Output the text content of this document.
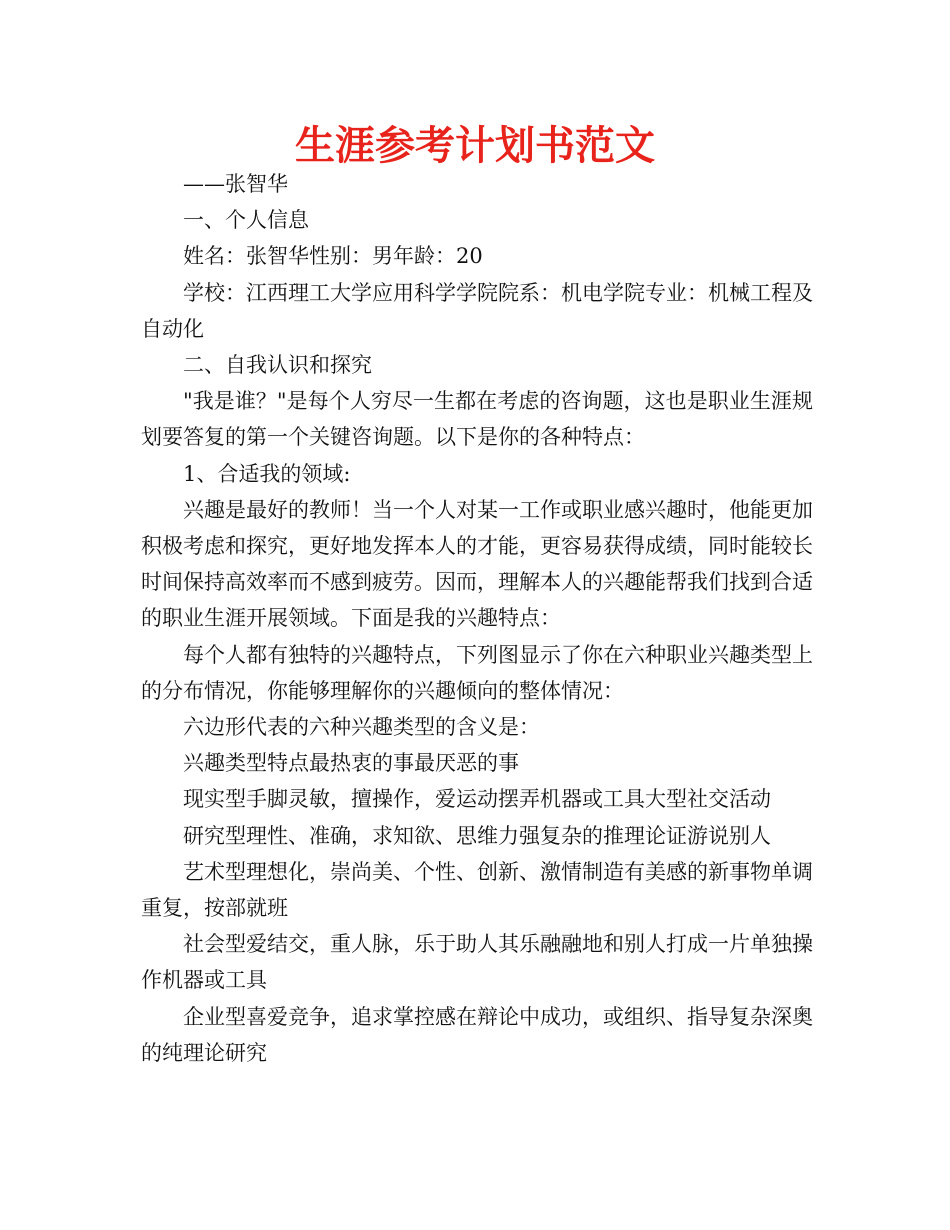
生涯参考计划书范文

——张智华

一、个人信息

姓名：张智华性别：男年龄：20

学校：江西理工大学应用科学学院院系：机电学院专业：机械工程及自动化

二、自我认识和探究

"我是谁？"是每个人穷尽一生都在考虑的咨询题，这也是职业生涯规划要答复的第一个关键咨询题。以下是你的各种特点：

1、合适我的领域:

兴趣是最好的教师！当一个人对某一工作或职业感兴趣时，他能更加积极考虑和探究，更好地发挥本人的才能，更容易获得成绩，同时能较长时间保持高效率而不感到疲劳。因而，理解本人的兴趣能帮我们找到合适的职业生涯开展领域。下面是我的兴趣特点：

每个人都有独特的兴趣特点，下列图显示了你在六种职业兴趣类型上的分布情况，你能够理解你的兴趣倾向的整体情况：

六边形代表的六种兴趣类型的含义是：

兴趣类型特点最热衷的事最厌恶的事

现实型手脚灵敏，擅操作，爱运动摆弄机器或工具大型社交活动

研究型理性、准确，求知欲、思维力强复杂的推理论证游说别人

艺术型理想化，崇尚美、个性、创新、激情制造有美感的新事物单调重复，按部就班

社会型爱结交，重人脉，乐于助人其乐融融地和别人打成一片单独操作机器或工具

企业型喜爱竞争，追求掌控感在辩论中成功，或组织、指导复杂深奥的纯理论研究
